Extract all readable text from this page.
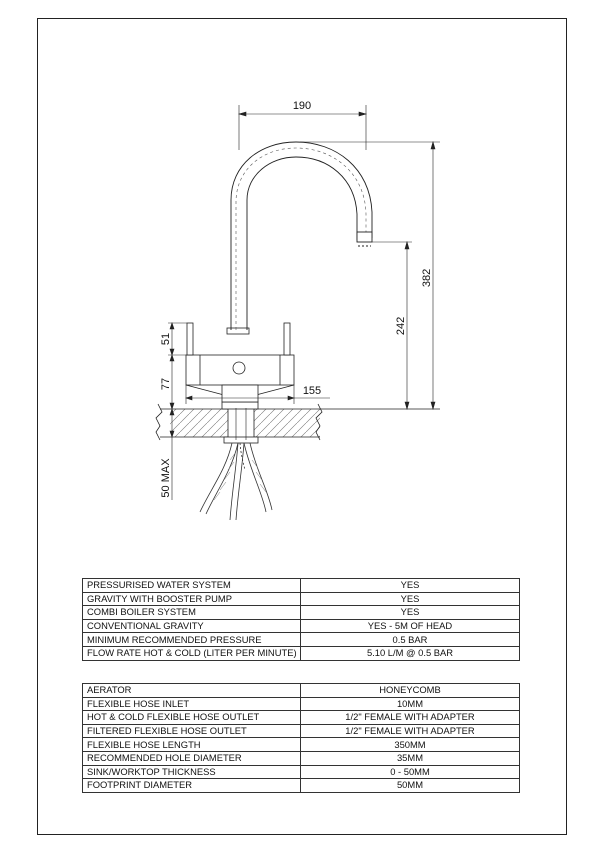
190
382
242
51
77
155
50 MAX
PRESSURISED WATER SYSTEM	YES
GRAVITY WITH BOOSTER PUMP	YES
COMBI BOILER SYSTEM	YES
CONVENTIONAL GRAVITY	YES - 5M OF HEAD
MINIMUM RECOMMENDED PRESSURE	0.5 BAR
FLOW RATE HOT & COLD (LITER PER MINUTE)	5.10 L/M @ 0.5 BAR
AERATOR	HONEYCOMB
FLEXIBLE HOSE INLET	10MM
HOT & COLD FLEXIBLE HOSE OUTLET	1/2" FEMALE WITH ADAPTER
FILTERED FLEXIBLE HOSE OUTLET	1/2" FEMALE WITH ADAPTER
FLEXIBLE HOSE LENGTH	350MM
RECOMMENDED HOLE DIAMETER	35MM
SINK/WORKTOP THICKNESS	0 - 50MM
FOOTPRINT DIAMETER	50MM
